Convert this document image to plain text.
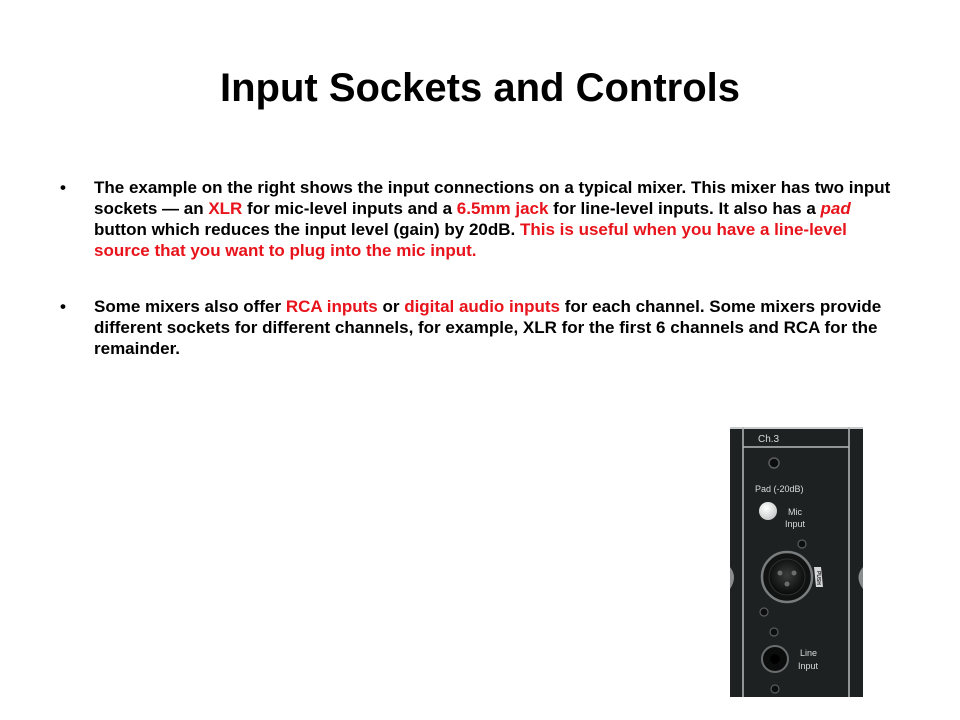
Input Sockets and Controls
• The example on the right shows the input connections on a typical mixer. This mixer has two input sockets — an XLR for mic-level inputs and a 6.5mm jack for line-level inputs. It also has a pad button which reduces the input level (gain) by 20dB. This is useful when you have a line-level source that you want to plug into the mic input.
• Some mixers also offer RCA inputs or digital audio inputs for each channel. Some mixers provide different sockets for different channels, for example, XLR for the first 6 channels and RCA for the remainder.
Ch.3
Pad (-20dB)
Mic
Input
PUSH
Line
Input
